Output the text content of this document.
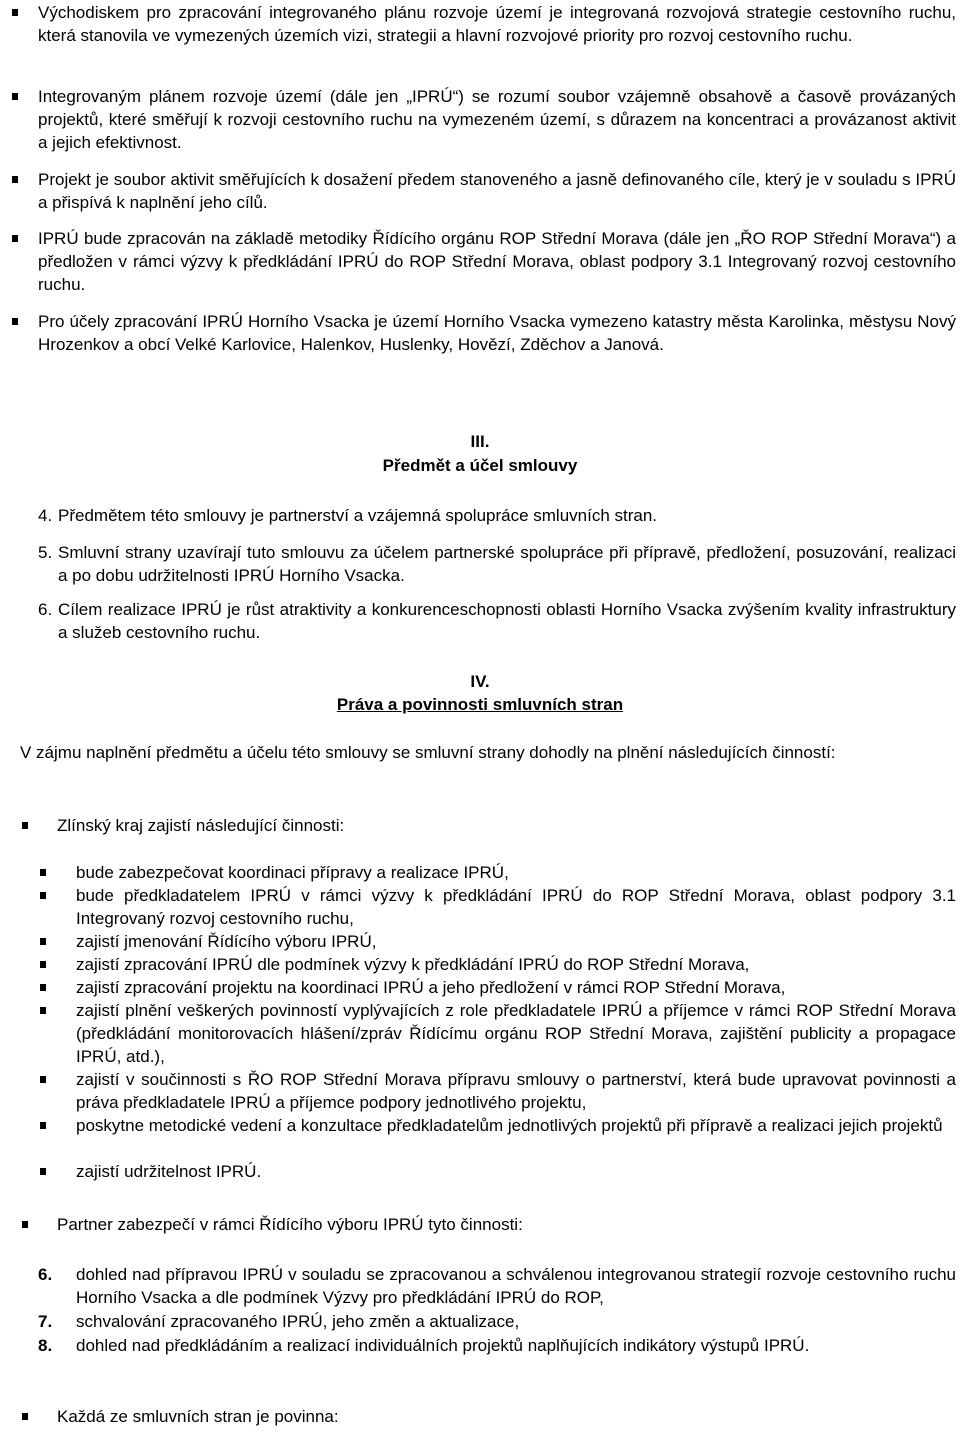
Východiskem pro zpracování integrovaného plánu rozvoje území je integrovaná rozvojová strategie cestovního ruchu, která stanovila ve vymezených územích vizi, strategii a hlavní rozvojové priority pro rozvoj cestovního ruchu.
Integrovaným plánem rozvoje území (dále jen „IPRÚ“) se rozumí soubor vzájemně obsahově a časově provázaných projektů, které směřují k rozvoji cestovního ruchu na vymezeném území, s důrazem na koncentraci a provázanost aktivit a jejich efektivnost.
Projekt je soubor aktivit směřujících k dosažení předem stanoveného a jasně definovaného cíle, který je v souladu s IPRÚ a přispívá k naplnění jeho cílů.
IPRÚ bude zpracován na základě metodiky Řídícího orgánu ROP Střední Morava (dále jen „ŘO ROP Střední Morava“) a předložen v rámci výzvy k předkládání IPRÚ do ROP Střední Morava, oblast podpory 3.1 Integrovaný rozvoj cestovního ruchu.
Pro účely zpracování IPRÚ Horního Vsacka je území Horního Vsacka vymezeno katastry města Karolinka, městysu Nový Hrozenkov a obcí Velké Karlovice, Halenkov, Huslenky, Hovězí, Zděchov a Janová.
III.
Předmět a účel smlouvy
4. Předmětem této smlouvy je partnerství a vzájemná spolupráce smluvních stran.
5. Smluvní strany uzavírají tuto smlouvu za účelem partnerské spolupráce při přípravě, předložení, posuzování, realizaci a po dobu udržitelnosti IPRÚ Horního Vsacka.
6. Cílem realizace IPRÚ je růst atraktivity a konkurenceschopnosti oblasti Horního Vsacka zvýšením kvality infrastruktury a služeb cestovního ruchu.
IV.
Práva a povinnosti smluvních stran
V zájmu naplnění předmětu a účelu této smlouvy se smluvní strany dohodly na plnění následujících činností:
Zlínský kraj zajistí následující činnosti:
bude zabezpečovat koordinaci přípravy a realizace IPRÚ,
bude předkladatelem IPRÚ v rámci výzvy k předkládání IPRÚ do ROP Střední Morava, oblast podpory 3.1 Integrovaný rozvoj cestovního ruchu,
zajistí jmenování Řídícího výboru IPRÚ,
zajistí zpracování IPRÚ dle podmínek výzvy k předkládání IPRÚ do ROP Střední Morava,
zajistí zpracování projektu na koordinaci IPRÚ a jeho předložení v rámci ROP Střední Morava,
zajistí plnění veškerých povinností vyplývajících z role předkladatele IPRÚ a příjemce v rámci ROP Střední Morava (předkládání monitorovacích hlášení/zpráv Řídícímu orgánu ROP Střední Morava, zajištění publicity a propagace IPRÚ, atd.),
zajistí v součinnosti s ŘO ROP Střední Morava přípravu smlouvy o partnerství, která bude upravovat povinnosti a práva předkladatele IPRÚ a příjemce podpory jednotlivého projektu,
poskytne metodické vedení a konzultace předkladatelům jednotlivých projektů při přípravě a realizaci jejich projektů
zajistí udržitelnost IPRÚ.
Partner zabezpečí v rámci Řídícího výboru IPRÚ tyto činnosti:
6.	dohled nad přípravou IPRÚ v souladu se zpracovanou a schválenou integrovanou strategií rozvoje cestovního ruchu Horního Vsacka a dle podmínek Výzvy pro předkládání IPRÚ do ROP,
7.	schvalování zpracovaného IPRÚ, jeho změn a aktualizace,
8.	dohled nad předkládáním a realizací individuálních projektů naplňujících indikátory výstupů IPRÚ.
Každá ze smluvních stran je povinna:
